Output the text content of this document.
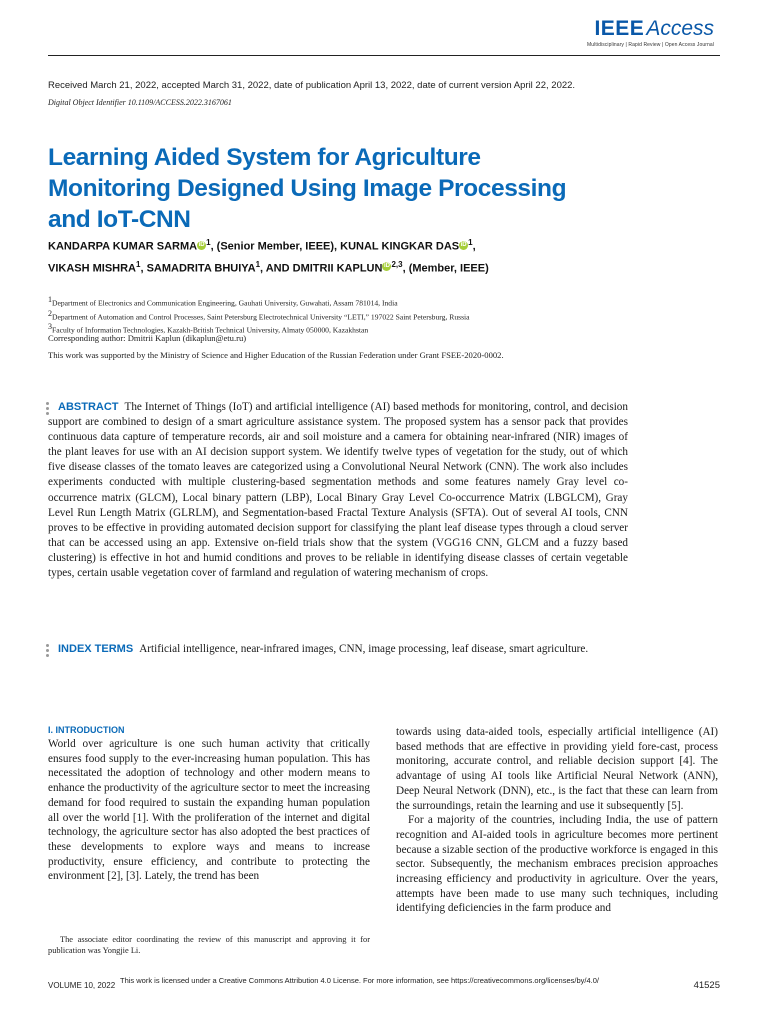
IEEEAccess
Multidisciplinary | Rapid Review | Open Access Journal
Received March 21, 2022, accepted March 31, 2022, date of publication April 13, 2022, date of current version April 22, 2022.
Digital Object Identifier 10.1109/ACCESS.2022.3167061
Learning Aided System for Agriculture Monitoring Designed Using Image Processing and IoT-CNN
KANDARPA KUMAR SARMA iD $^1$, (Senior Member, IEEE), KUNAL KINGKAR DAS iD $^1$,
VIKASH MISHRA$^1$, SAMADRITA BHUIYA$^1$, AND DMITRII KAPLUN iD $^{2,3}$, (Member, IEEE)
$^1$Department of Electronics and Communication Engineering, Gauhati University, Guwahati, Assam 781014, India
$^2$Department of Automation and Control Processes, Saint Petersburg Electrotechnical University “LETI,” 197022 Saint Petersburg, Russia
$^3$Faculty of Information Technologies, Kazakh-British Technical University, Almaty 050000, Kazakhstan
Corresponding author: Dmitrii Kaplun (dikaplun@etu.ru)
This work was supported by the Ministry of Science and Higher Education of the Russian Federation under Grant FSEE-2020-0002.
ABSTRACT The Internet of Things (IoT) and artificial intelligence (AI) based methods for monitoring, control, and decision support are combined to design of a smart agriculture assistance system. The proposed system has a sensor pack that provides continuous data capture of temperature records, air and soil moisture and a camera for obtaining near-infrared (NIR) images of the plant leaves for use with an AI decision support system. We identify twelve types of vegetation for the study, out of which five disease classes of the tomato leaves are categorized using a Convolutional Neural Network (CNN). The work also includes experiments conducted with multiple clustering-based segmentation methods and some features namely Gray level co-occurrence matrix (GLCM), Local binary pattern (LBP), Local Binary Gray Level Co-occurrence Matrix (LBGLCM), Gray Level Run Length Matrix (GLRLM), and Segmentation-based Fractal Texture Analysis (SFTA). Out of several AI tools, CNN proves to be effective in providing automated decision support for classifying the plant leaf disease types through a cloud server that can be accessed using an app. Extensive on-field trials show that the system (VGG16 CNN, GLCM and a fuzzy based clustering) is effective in hot and humid conditions and proves to be reliable in identifying disease classes of certain vegetable types, certain usable vegetation cover of farmland and regulation of watering mechanism of crops.
INDEX TERMS Artificial intelligence, near-infrared images, CNN, image processing, leaf disease, smart agriculture.
I. INTRODUCTION

World over agriculture is one such human activity that critically ensures food supply to the ever-increasing human population. This has necessitated the adoption of technology and other modern means to enhance the productivity of the agriculture sector to meet the increasing demand for food required to sustain the expanding human population all over the world [1]. With the proliferation of the internet and digital technology, the agriculture sector has also adopted the best practices of these developments to explore ways and means to increase productivity, ensure efficiency, and contribute to protecting the environment [2], [3]. Lately, the trend has been

towards using data-aided tools, especially artificial intelligence (AI) based methods that are effective in providing yield fore-cast, process monitoring, accurate control, and reliable decision support [4]. The advantage of using AI tools like Artificial Neural Network (ANN), Deep Neural Network (DNN), etc., is the fact that these can learn from the surroundings, retain the learning and use it subsequently [5].

For a majority of the countries, including India, the use of pattern recognition and AI-aided tools in agriculture becomes more pertinent because a sizable section of the productive workforce is engaged in this sector. Subsequently, the mechanism embraces precision approaches increasing efficiency and productivity in agriculture. Over the years, attempts have been made to use many such techniques, including identifying deficiencies in the farm produce and

The associate editor coordinating the review of this manuscript and approving it for publication was Yongjie Li.
VOLUME 10, 2022
This work is licensed under a Creative Commons Attribution 4.0 License. For more information, see https://creativecommons.org/licenses/by/4.0/	41525
